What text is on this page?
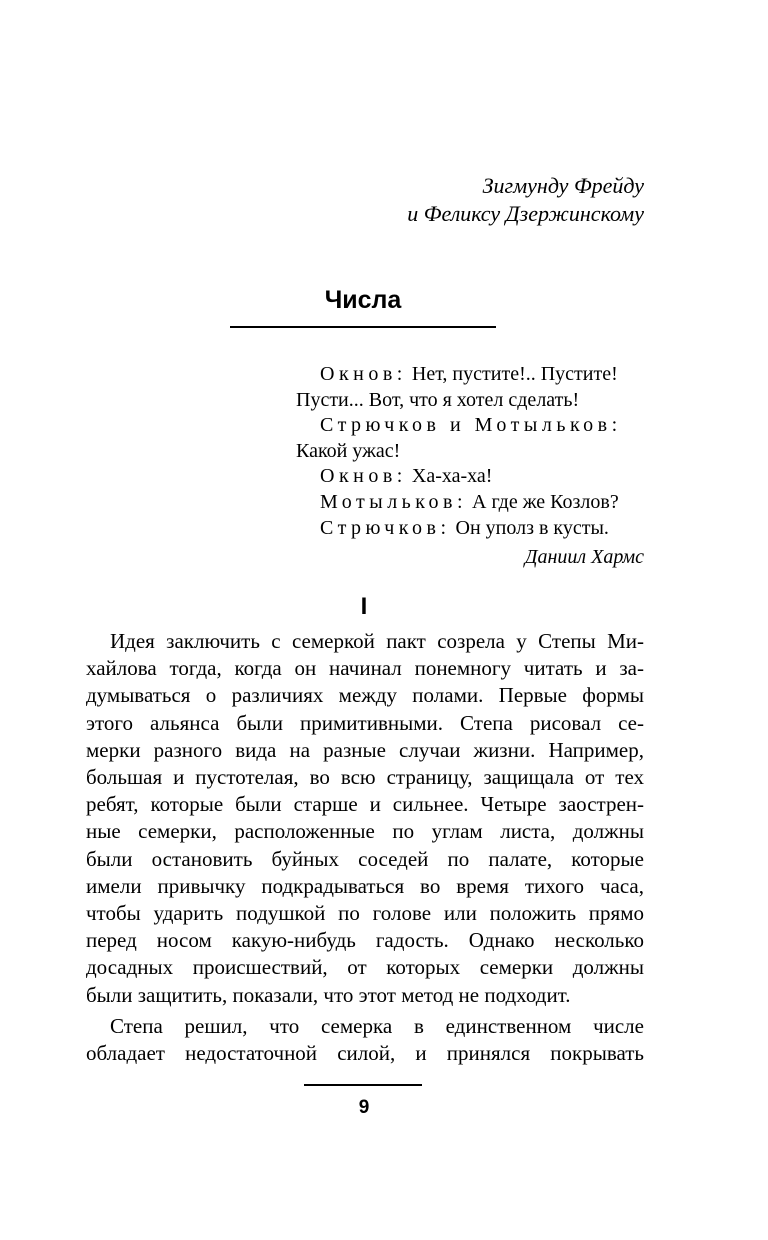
Зигмунду Фрейду
и Феликсу Дзержинскому
Числа
Окнов: Нет, пустите!.. Пустите!
Пусти... Вот, что я хотел сделать!
Стрючков и Мотыльков:
Какой ужас!
Окнов: Ха-ха-ха!
Мотыльков: А где же Козлов?
Стрючков: Он уполз в кусты.
Даниил Хармс
I
Идея заключить с семеркой пакт созрела у Степы Ми-
хайлова тогда, когда он начинал понемногу читать и за-
думываться о различиях между полами. Первые формы
этого альянса были примитивными. Степа рисовал се-
мерки разного вида на разные случаи жизни. Например,
большая и пустотелая, во всю страницу, защищала от тех
ребят, которые были старше и сильнее. Четыре заострен-
ные семерки, расположенные по углам листа, должны
были остановить буйных соседей по палате, которые
имели привычку подкрадываться во время тихого часа,
чтобы ударить подушкой по голове или положить прямо
перед носом какую-нибудь гадость. Однако несколько
досадных происшествий, от которых семерки должны
были защитить, показали, что этот метод не подходит.
Степа решил, что семерка в единственном числе
обладает недостаточной силой, и принялся покрывать
9
